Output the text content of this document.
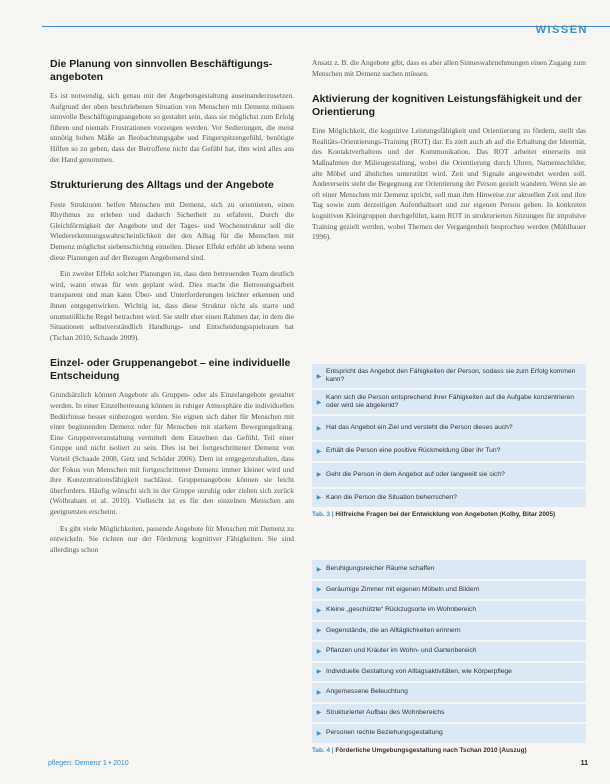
WISSEN
Die Planung von sinnvollen Beschäftigungs-angeboten

Es ist notwendig, sich genau mit der Angebotsgestaltung auseinanderzusetzen. Aufgrund der oben beschriebenen Situation von Menschen mit Demenz müssen sinnvolle Beschäftigungsangebote so gestaltet sein, dass sie möglichst zum Erfolg führen und niemals Frustrationen vorzeigen werden. Vor Sedierungen, die meist unnötig hohen Mäße an Beobachtungsgabe und Fingerspitzengefühl, benötigte Hilfen so zu geben, dass der Betroffene nicht das Gefühl hat, ihm wird alles aus der Hand genommen.

Strukturierung des Alltags und der Angebote

Feste Strukturen helfen Menschen mit Demenz, sich zu orientieren, einen Rhythmus zu erleben und dadurch Sicherheit zu erfahren. Durch die Gleichförmigkeit der Angebote und der Tages- und Wochenstruktur soll die Wiedererkennungswahrscheinlichkeit der den Alltag für die Menschen mit Demenz möglichst siebenschichtig einteilen. Dieser Effekt erhöht ab lebens wenn diese Planungen auf der Bezugen Angebotsend sind.

Ein zweiter Effekt solcher Planungen ist, dass dem betreuenden Team deutlich wird, wann etwas für wen geplant wird. Dies macht die Betreuungsarbeit transparent und man kann Über- und Unterforderungen leichter erkennen und ihnen entgegenwirken. Wichtig ist, dass diese Struktur nicht als starre und unumstößliche Regel betrachtet wird. Sie stellt eher einen Rahmen dar, in dem die Situationen selbstverständlich Handlungs- und Entscheidungsspielraum hat (Tschan 2010, Schaade 2009).

Einzel- oder Gruppenangebot – eine individuelle Entscheidung

Grundsätzlich können Angebote als Gruppen- oder als Einzelangebote gestaltet werden. In einer Einzelbetreuung können in ruhiger Atmosphäre die individuellen Bedürfnisse besser einbezogen werden. Sie eignen sich daher für Menschen mit einer beginnenden Demenz oder für Menschen mit starkem Bewegungsdrang. Eine Gruppenveranstaltung vermittelt dem Einzelnen das Gefühl, Teil einer Gruppe und nicht isoliert zu sein. Dies ist bei fortgeschrittener Demenz von Vorteil (Schaade 2008, Getz und Schöder 2006). Dem ist entgegenzuhalten, dass der Fokus von Menschen mit fortgeschrittener Demenz immer kleiner wird und ihre Konzentrationsfähigkeit nachlässt. Gruppenangebote können sie leicht überfordern. Häufig wünscht sich in der Gruppe unruhig oder ziehen sich zurück (Wolbraham et al. 2010). Vielleicht ist es für den einzelnen Menschen am geeignetsten erscheint.

Es gibt viele Möglichkeiten, passende Angebote für Menschen mit Demenz zu entwickeln. Sie richten nur der Förderung kognitiver Fähigkeiten. Sie sind allerdings schon

Ansatz z. B. die Angebote gibt, dass es aber allen Sinneswahrnehmungen einen Zugang zum Menschen mit Demenz suchen müssen.

Aktivierung der kognitiven Leistungsfähigkeit und der Orientierung

Eine Möglichkeit, die kognitive Leistungsfähigkeit und Orientierung zu fördern, stellt das Realitäts-Orientierungs-Training (ROT) dar. Es zielt auch ab auf die Erhaltung der Identität, des Kontaktverhaltens und der Kommunikation. Das ROT arbeitet einerseits mit Maßnahmen der Milieugestaltung, wobei die Orientierung durch Uhren, Namensschilder, alte Möbel und ähnliches unterstützt wird. Zeit und Signale angewendet werden soll. Andererseits steht die Begegnung zur Orientierung der Person gezielt wandern. Wenn sie an oft einer Menschen mit Demenz spricht, soll man ihm Hinweise zur aktuellen Zeit und ihre Tag sowie zum derzeitigen Aufenthaltsort und zur eigenen Person geben. In konkreten kognitiven Kleingruppen durchgeführt, kann ROT in strukturierten Sitzungen für impulsive Training gezielt werden, wobei Themen der Vergangenheit besprochen werden (Mühlbauer 1996).

▶
Entspricht das Angebot den Fähigkeiten der Person, sodass sie zum Erfolg kommen kann?
▶
Kann sich die Person entsprechend ihrer Fähigkeiten auf die Aufgabe konzentrieren oder wird sie abgelenkt?
▶ Hat das Angebot ein Ziel und versteht die Person dieses auch?
▶ Erhält die Person eine positive Rückmeldung über ihr Tun?
▶ Geht die Person in dem Angebot auf oder langweilt sie sich?
▶ Kann die Person die Situation beherrschen?
Tab. 3 | Hilfreiche Fragen bei der Entwicklung von Angeboten (Kolby, Bitar 2005)
▶ Beruhigungsreicher Räume schaffen
▶ Geräumige Zimmer mit eigenen Möbeln und Bildern
▶ Kleine „geschützte“ Rückzugsorte im Wohnbereich
▶ Gegenstände, die an Alltäglichkeiten erinnern
▶ Pflanzen und Kräuter im Wohn- und Gartenbereich
▶ Individuelle Gestaltung von Alltagsaktivitäten, wie Körperpflege
▶ Angemessene Beleuchtung
▶ Strukturierter Aufbau des Wohnbereichs
▶ Personen rechte Beziehungsgestaltung
Tab. 4 | Förderliche Umgebungsgestaltung nach Tschan 2010 (Auszug)
pflegen: Demenz 1 • 2010	11
